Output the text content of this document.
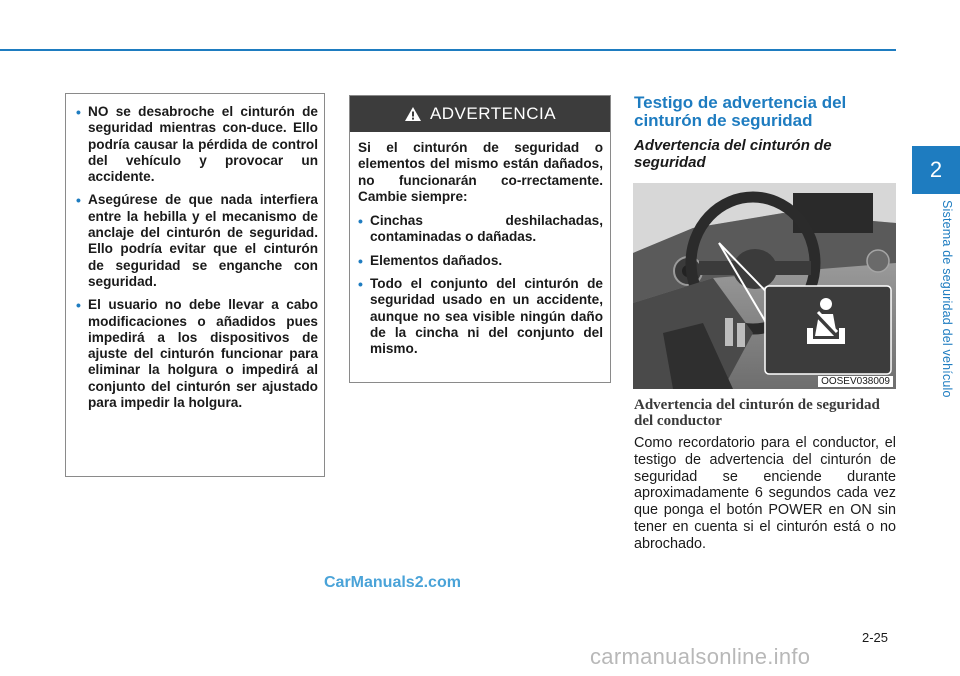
2
Sistema de seguridad del vehículo
• NO se desabroche el cinturón de seguridad mientras con-duce. Ello podría causar la pérdida de control del vehículo y provocar un accidente.
• Asegúrese de que nada interfiera entre la hebilla y el mecanismo de anclaje del cinturón de seguridad. Ello podría evitar que el cinturón de seguridad se enganche con seguridad.
• El usuario no debe llevar a cabo modificaciones o añadidos pues impedirá a los dispositivos de ajuste del cinturón funcionar para eliminar la holgura o impedirá al conjunto del cinturón ser ajustado para impedir la holgura.
ADVERTENCIA

Si el cinturón de seguridad o elementos del mismo están dañados, no funcionarán co-rrectamente. Cambie siempre:

• Cinchas deshilachadas, contaminadas o dañadas.
• Elementos dañados.
• Todo el conjunto del cinturón de seguridad usado en un accidente, aunque no sea visible ningún daño de la cincha ni del conjunto del mismo.
Testigo de advertencia del cinturón de seguridad
Advertencia del cinturón de seguridad
OOSEV038009
Advertencia del cinturón de seguridad del conductor
Como recordatorio para el conductor, el testigo de advertencia del cinturón de seguridad se enciende durante aproximadamente 6 segundos cada vez que ponga el botón POWER en ON sin tener en cuenta si el cinturón está o no abrochado.
2-25
CarManuals2.com
carmanualsonline.info
